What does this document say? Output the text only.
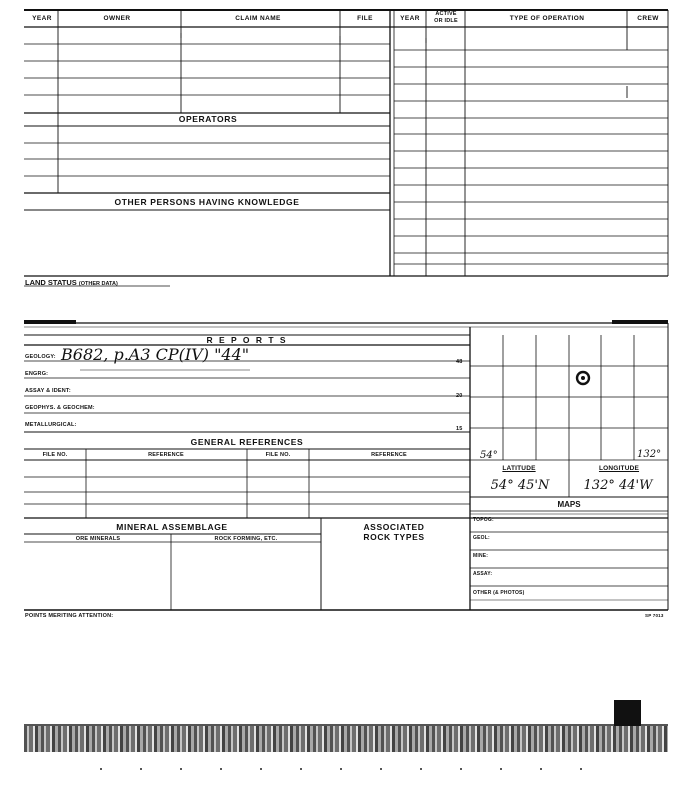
YEAR	OWNER	CLAIM NAME	FILE	YEAR
ACTIVE
OR IDLE	TYPE OF OPERATION	CREW
OPERATORS
OTHER PERSONS HAVING KNOWLEDGE
LAND STATUS (OTHER DATA)
R E P O R T S
GEOLOGY: B682, p.A3 CP(IV) "44"	48
ENGRG:
ASSAY & IDENT:
20
GEOPHYS. & GEOCHEM:
METALLURGICAL:
15
GENERAL REFERENCES
FILE NO.	REFERENCE	FILE NO.	REFERENCE
MINERAL ASSEMBLAGE
ORE MINERALS	ROCK FORMING, ETC.
ASSOCIATED
ROCK TYPES
54°	132°
LATITUDE	LONGITUDE
54° 45'N	132° 44'W
MAPS
TOPOG:
GEOL:
MINE:
ASSAY:
OTHER (& PHOTOS)
POINTS MERITING ATTENTION:	SP 7013
